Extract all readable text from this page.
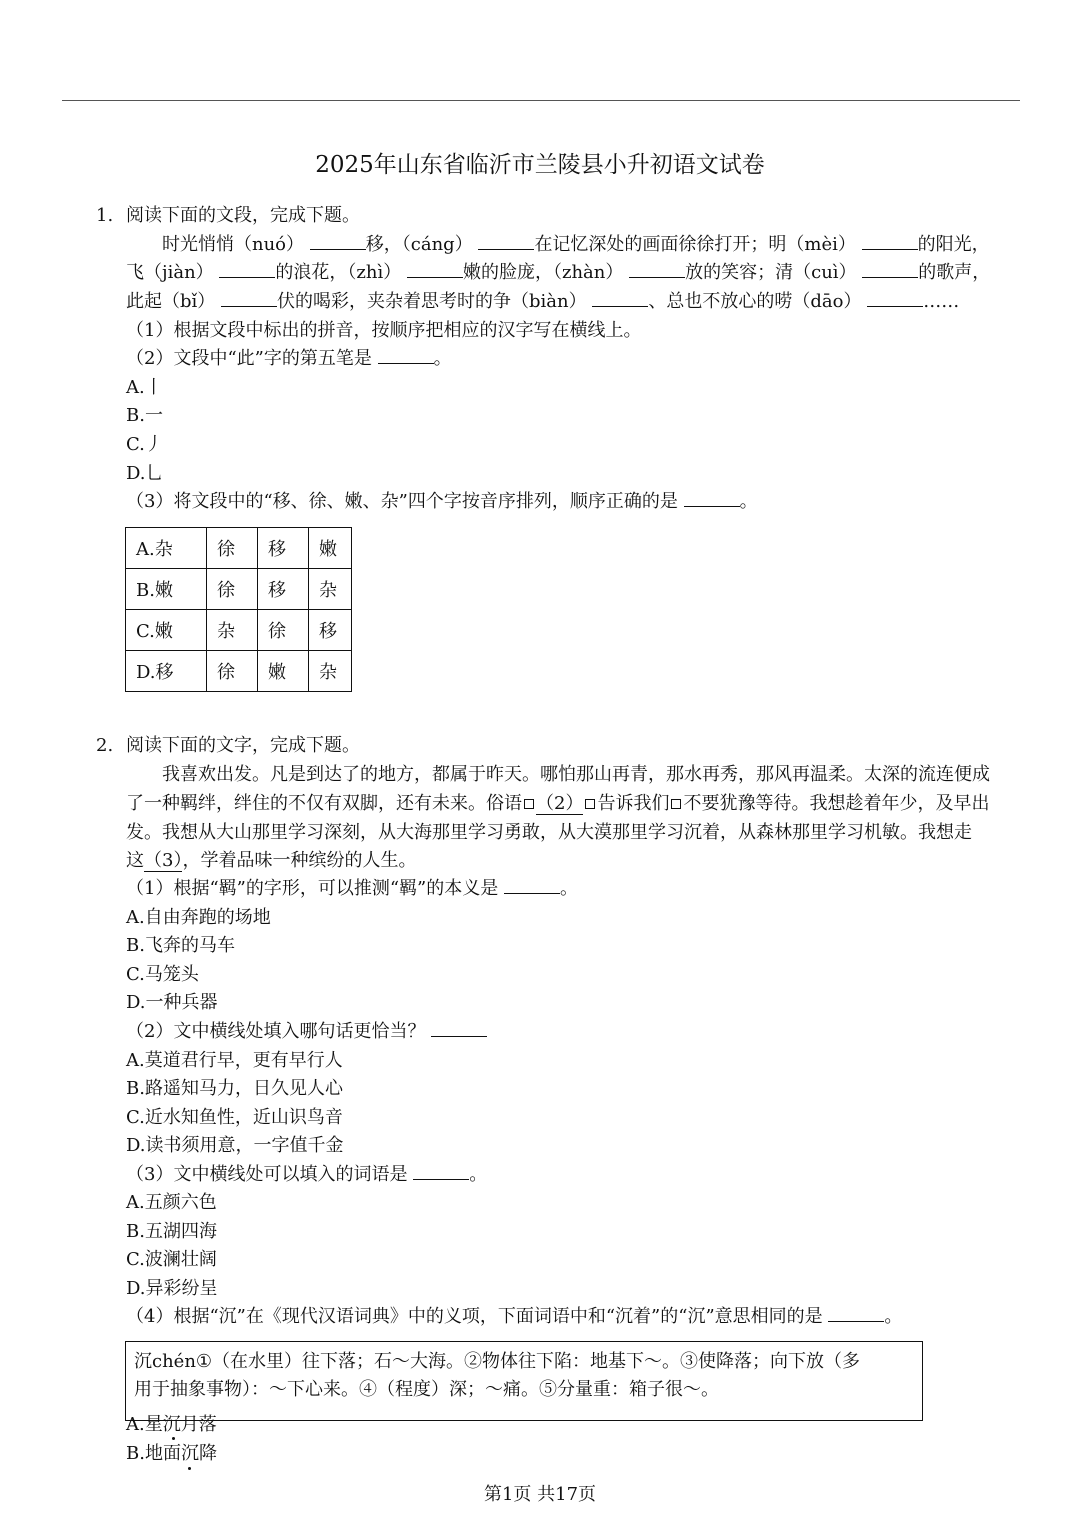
2025年山东省临沂市兰陵县小升初语文试卷
1. 阅读下面的文段，完成下题。
时光悄悄（nuó）	移，（cáng）	在记忆深处的画面徐徐打开；明（mèi）	的阳光，
飞（jiàn）	的浪花，（zhì）	嫩的脸庞，（zhàn）	放的笑容；清（cuì）	的歌声，
此起（bǐ）	伏的喝彩，夹杂着思考时的争（biàn）	、总也不放心的唠（dāo）	……
（1）根据文段中标出的拼音，按顺序把相应的汉字写在横线上。
（2）文段中“此”字的第五笔是	。
A.丨
B.一
C.丿
D.乚
（3）将文段中的“移、徐、嫩、杂”四个字按音序排列，顺序正确的是	。
A.杂	徐	移	嫩
B.嫩	徐	移	杂
C.嫩	杂	徐	移
D.移	徐	嫩	杂
2. 阅读下面的文字，完成下题。
我喜欢出发。凡是到达了的地方，都属于昨天。哪怕那山再青，那水再秀，那风再温柔。太深的流连便成
了一种羁绊，绊住的不仅有双脚，还有未来。俗语 （2） 告诉我们 不要犹豫等待。我想趁着年少，及早出
发。我想从大山那里学习深刻，从大海那里学习勇敢，从大漠那里学习沉着，从森林那里学习机敏。我想走
这（3），学着品味一种缤纷的人生。
（1）根据“羁”的字形，可以推测“羁”的本义是	。
A.自由奔跑的场地
B.飞奔的马车
C.马笼头
D.一种兵器
（2）文中横线处填入哪句话更恰当？
A.莫道君行早，更有早行人
B.路遥知马力，日久见人心
C.近水知鱼性，近山识鸟音
D.读书须用意，一字值千金
（3）文中横线处可以填入的词语是	。
A.五颜六色
B.五湖四海
C.波澜壮阔
D.异彩纷呈
（4）根据“沉”在《现代汉语词典》中的义项，下面词语中和“沉着”的“沉”意思相同的是	。
沉chén①（在水里）往下落；石～大海。②物体往下陷：地基下～。③使降落；向下放（多
用于抽象事物）：～下心来。④（程度）深；～痛。⑤分量重：箱子很～。
A.星沉月落
B.地面沉降
第1页 共17页
